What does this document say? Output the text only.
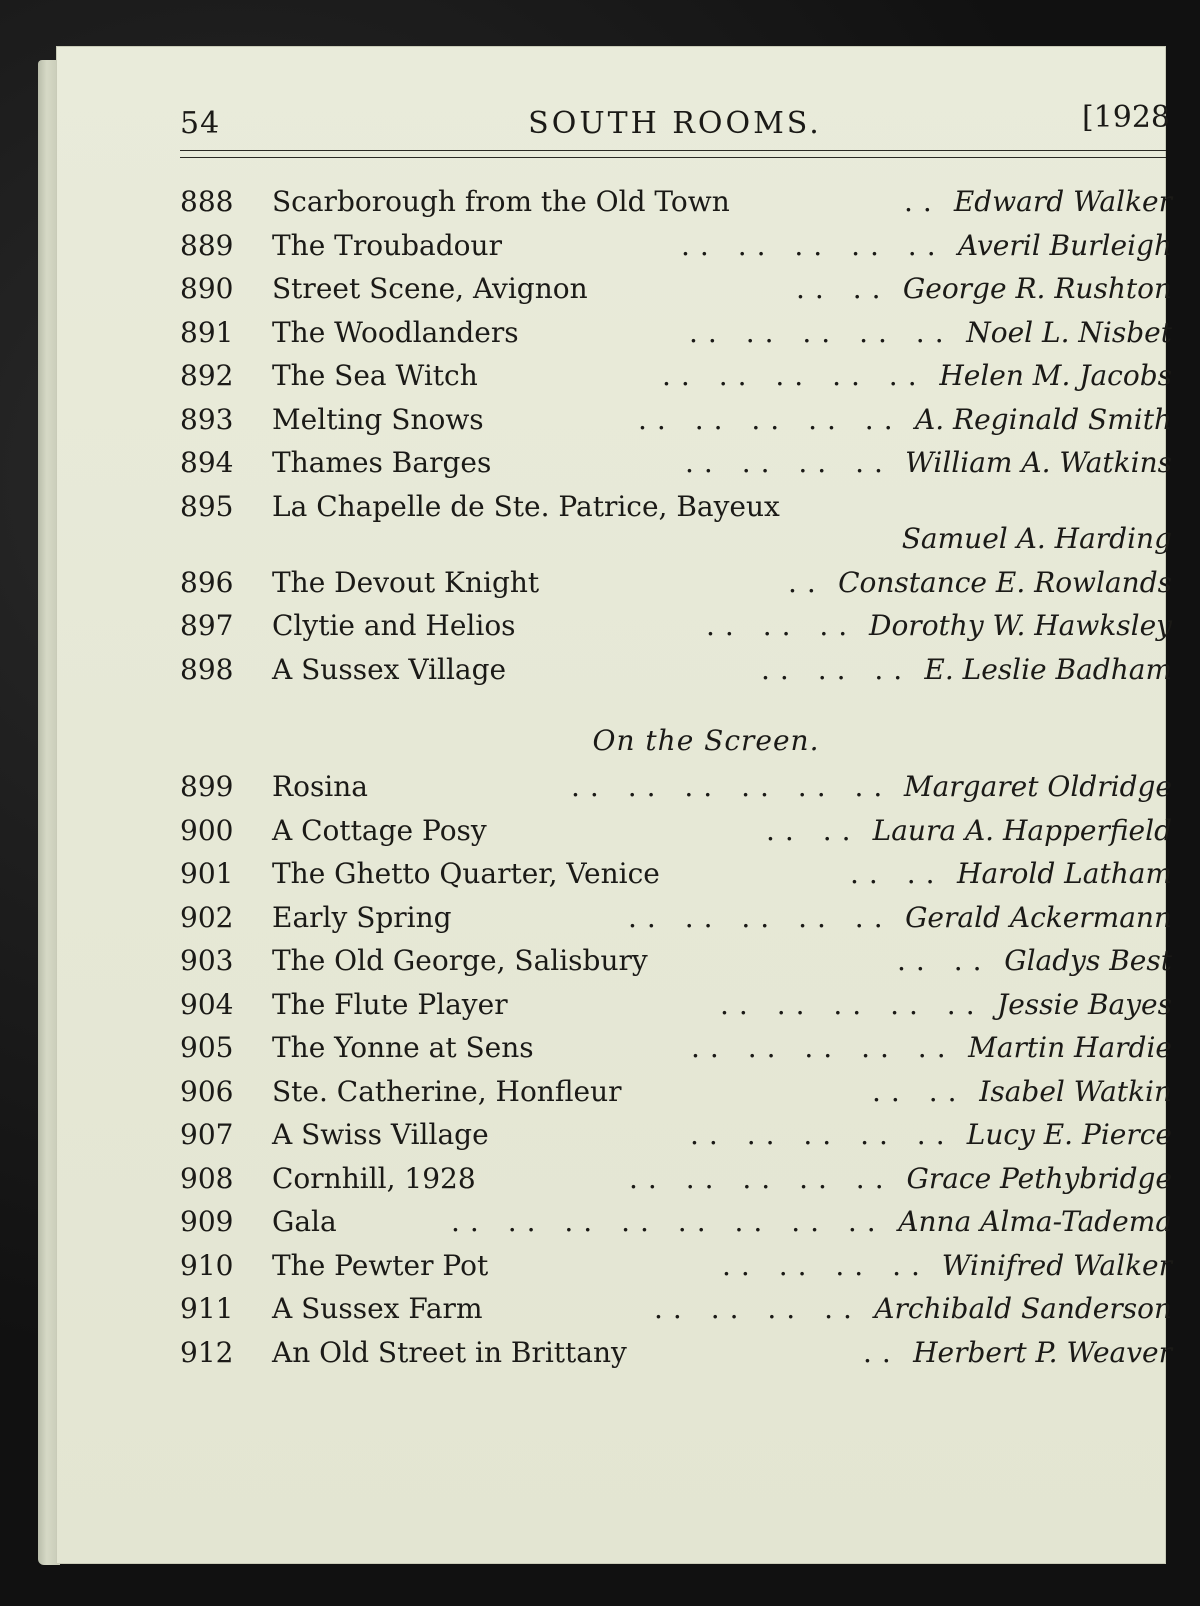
54	SOUTH ROOMS.	[1928
888	Scarborough from the Old Town	.. Edward Walker
889	The Troubadour	.. .. .. .. .. Averil Burleigh
890	Street Scene, Avignon	.. .. George R. Rushton
891	The Woodlanders	.. .. .. .. .. Noel L. Nisbet
892	The Sea Witch	.. .. .. .. .. Helen M. Jacobs
893	Melting Snows	.. .. .. .. .. A. Reginald Smith
894	Thames Barges	.. .. .. .. William A. Watkins
895	La Chapelle de Ste. Patrice, Bayeux
Samuel A. Harding
896	The Devout Knight	.. Constance E. Rowlands
897	Clytie and Helios	.. .. .. Dorothy W. Hawksley
898	A Sussex Village	.. .. .. E. Leslie Badham
On the Screen.
899	Rosina	.. .. .. .. .. .. Margaret Oldridge
900	A Cottage Posy	.. .. Laura A. Happerfield
901	The Ghetto Quarter, Venice	.. .. Harold Latham
902	Early Spring	.. .. .. .. .. Gerald Ackermann
903	The Old George, Salisbury	.. .. Gladys Best
904	The Flute Player	.. .. .. .. .. Jessie Bayes
905	The Yonne at Sens	.. .. .. .. .. Martin Hardie
906	Ste. Catherine, Honfleur	.. .. Isabel Watkin
907	A Swiss Village	.. .. .. .. .. Lucy E. Pierce
908	Cornhill, 1928	.. .. .. .. .. Grace Pethybridge
909	Gala	.. .. .. .. .. .. .. .. Anna Alma-Tadema
910	The Pewter Pot	.. .. .. .. Winifred Walker
911	A Sussex Farm	.. .. .. .. Archibald Sanderson
912	An Old Street in Brittany	.. Herbert P. Weaver
